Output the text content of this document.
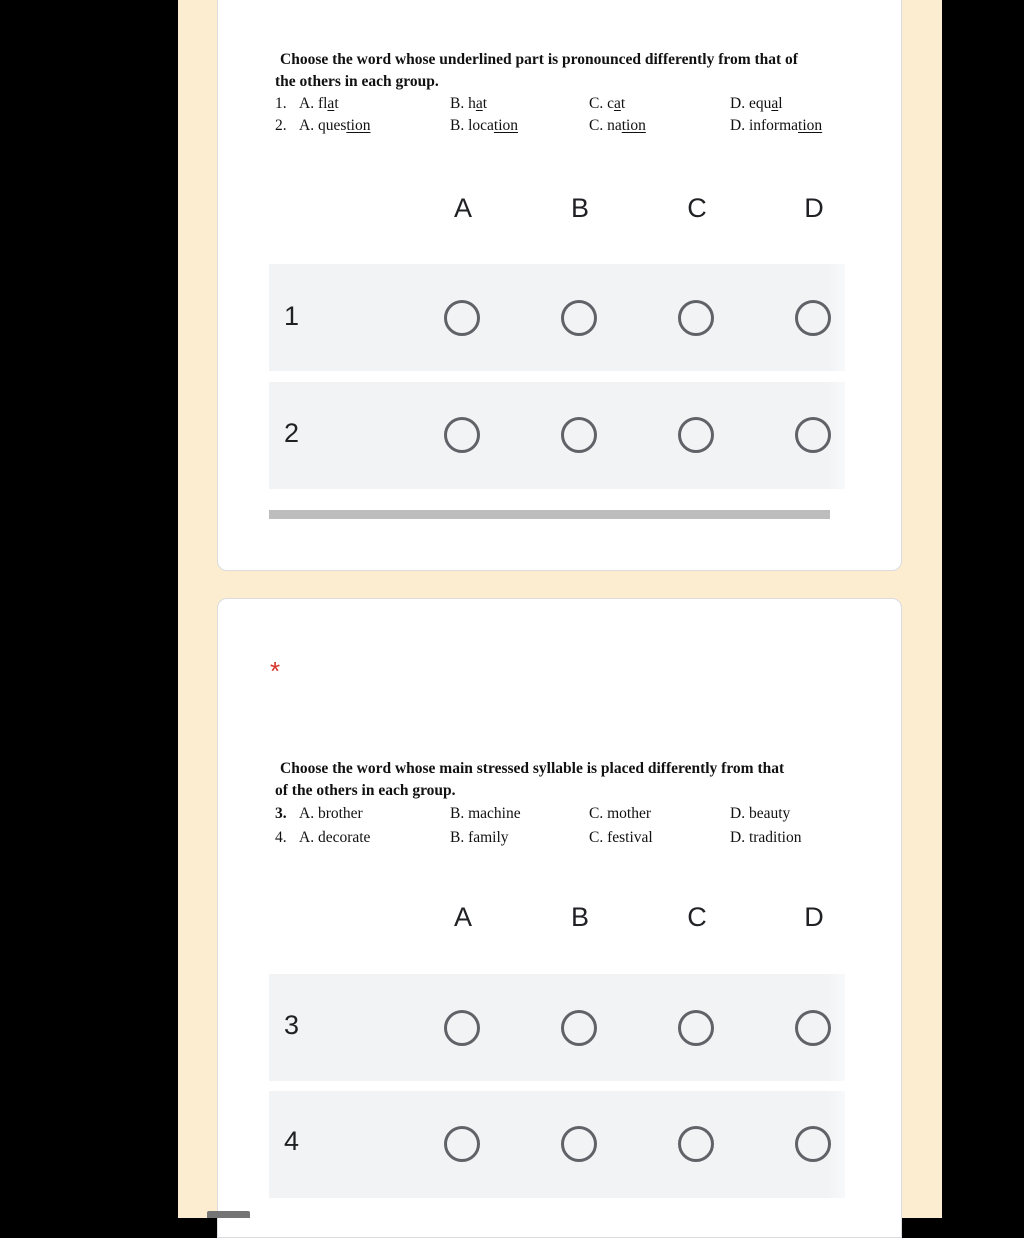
Choose the word whose underlined part is pronounced differently from that of
the others in each group.
1. A. flat	B. hat	C. cat	D. equal
2. A. question	B. location	C. nation	D. information
A	B	C	D
1
2
*
Choose the word whose main stressed syllable is placed differently from that
of the others in each group.
3. A. brother	B. machine	C. mother	D. beauty
4. A. decorate	B. family	C. festival	D. tradition
A	B	C	D
3
4
